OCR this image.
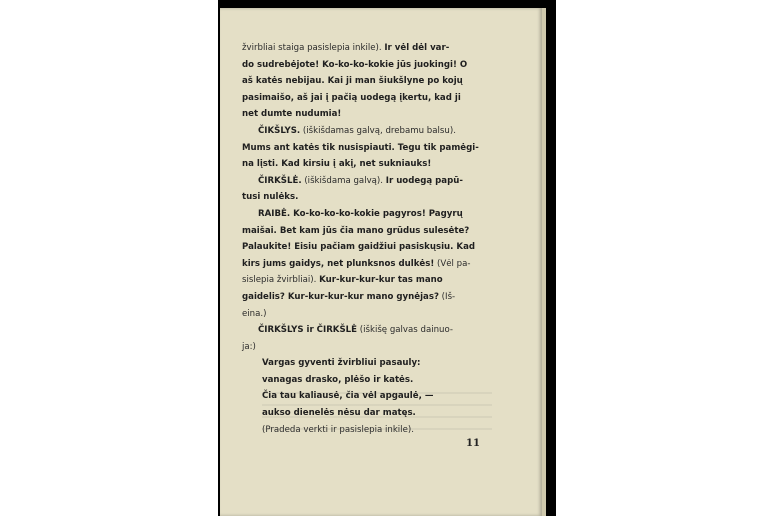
žvirbliai staiga pasislepia inkile). Ir vėl dėl var-
do sudrebėjote! Ko-ko-ko-kokie jūs juokingi! O
aš katės nebijau. Kai ji man šiukšlyne po kojų
pasimaišo, aš jai į pačią uodegą įkertu, kad ji
net dumte nudumia!
ČIKŠLYS. (iškišdamas galvą, drebamu balsu).
Mums ant katės tik nusispiauti. Tegu tik pamėgi-
na lįsti. Kad kirsiu į akį, net sukniauks!
ČIRKŠLĖ. (iškišdama galvą). Ir uodegą papū-
tusi nulėks.
RAIBĖ. Ko-ko-ko-ko-kokie pagyros! Pagyrų
maišai. Bet kam jūs čia mano grūdus sulesėte?
Palaukite! Eisiu pačiam gaidžiui pasiskųsiu. Kad
kirs jums gaidys, net plunksnos dulkės! (Vėl pa-
sislepia žvirbliai). Kur-kur-kur-kur tas mano
gaidelis? Kur-kur-kur-kur mano gynėjas? (Iš-
eina.)
ČIRKŠLYS ir ČIRKŠLĖ (iškišę galvas dainuo-
ja:)
Vargas gyventi žvirbliui pasauly:
vanagas drasko, plėšo ir katės.
Čia tau kaliausė, čia vėl apgaulė, —
aukso dienelės nėsu dar matęs.
(Pradeda verkti ir pasislepia inkile).
11
